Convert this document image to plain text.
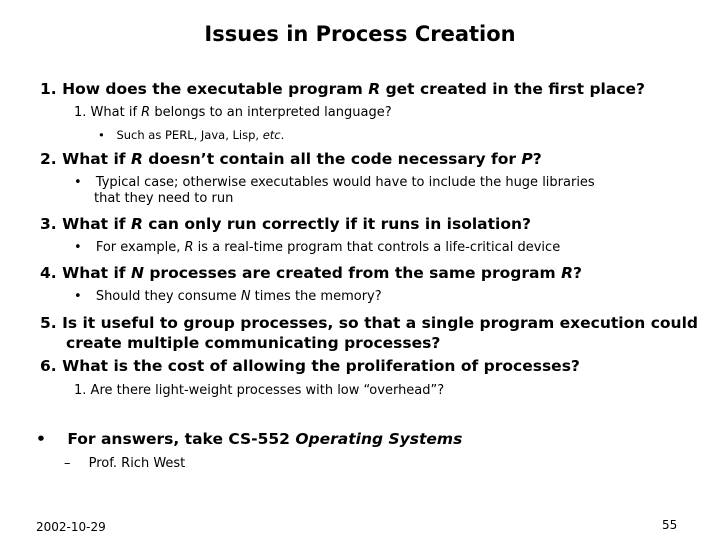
Issues in Process Creation
1. How does the executable program R get created in the first place?
1. What if R belongs to an interpreted language?
• Such as PERL, Java, Lisp, etc.
2. What if R doesn’t contain all the code necessary for P?
• Typical case; otherwise executables would have to include the huge libraries
that they need to run
3. What if R can only run correctly if it runs in isolation?
• For example, R is a real-time program that controls a life-critical device
4. What if N processes are created from the same program R?
• Should they consume N times the memory?
5. Is it useful to group processes, so that a single program execution could
create multiple communicating processes?
6. What is the cost of allowing the proliferation of processes?
1. Are there light-weight processes with low “overhead”?
• For answers, take CS-552 Operating Systems
– Prof. Rich West
2002-10-29	55
